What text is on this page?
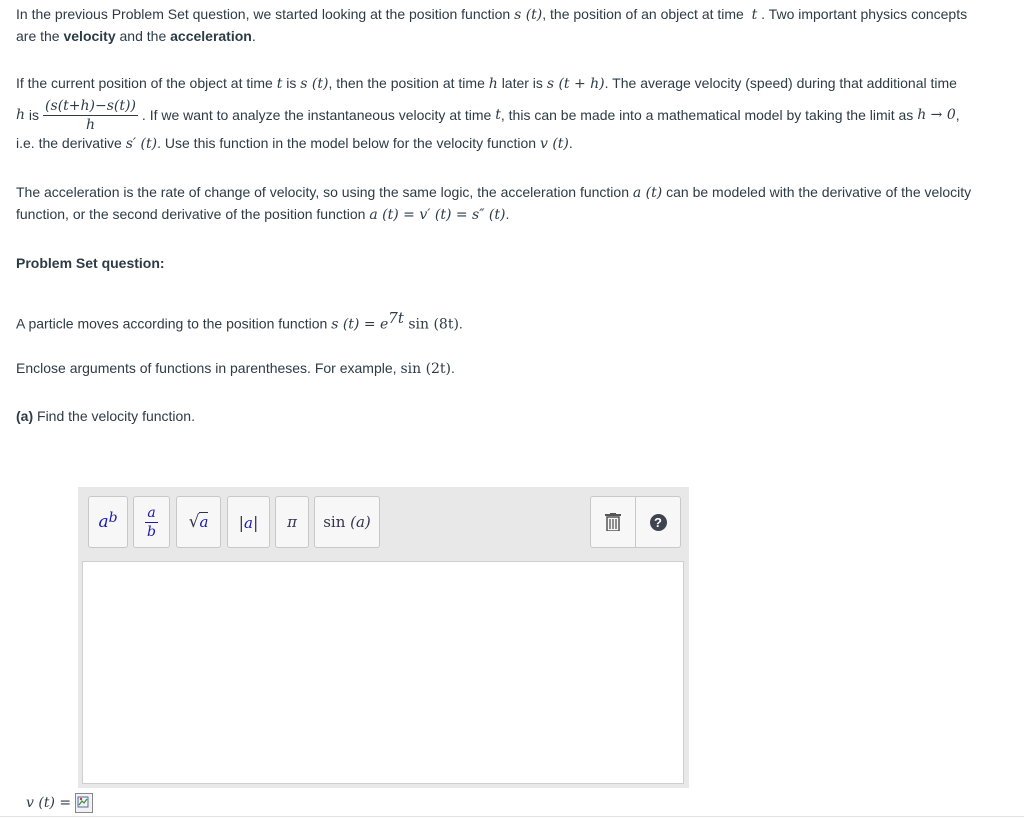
In the previous Problem Set question, we started looking at the position function s (t), the position of an object at time t . Two important physics concepts
are the velocity and the acceleration.
If the current position of the object at time t is s (t), then the position at time h later is s (t + h). The average velocity (speed) during that additional time
h
is $\frac{(s(t+h)-s(t))}{h}$ . If we want to analyze the instantaneous velocity at time
t , this can be made into a mathematical model by taking the limit as
h → 0 ,
i.e. the derivative s′ (t). Use this function in the model below for the velocity function v (t).
The acceleration is the rate of change of velocity, so using the same logic, the acceleration function a (t) can be modeled with the derivative of the velocity
function, or the second derivative of the position function a (t) = v′ (t) = s″ (t).
Problem Set question:
A particle moves according to the position function s $(t) = e^{7t}$ sin (8t).
Enclose arguments of functions in parentheses. For example, sin (2t).
(a) Find the velocity function.
$a^b \frac{a}{b} √a$ |a| π sin
(a)	?
v (t) =
